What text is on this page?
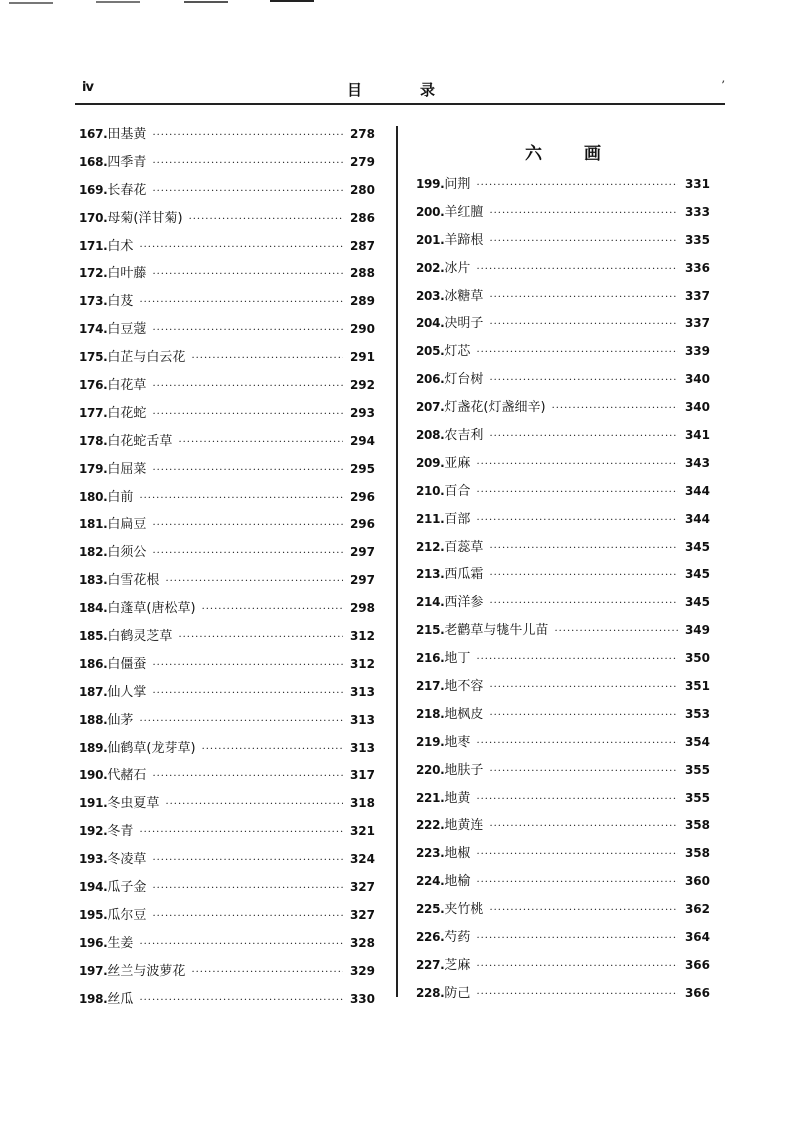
iv	目录	’
167. 田基黄 ·····	278
168. 四季青 ·····	279
169. 长春花 ·····	280
170. 母菊(洋甘菊) ·····	286
171. 白术 ·····	287
172. 白叶藤 ·····	288
173. 白芨 ·····	289
174. 白豆蔻 ·····	290
175. 白芷与白云花 ·····	291
176. 白花草 ·····	292
177. 白花蛇 ·····	293
178. 白花蛇舌草 ·····	294
179. 白屈菜 ·····	295
180. 白前 ·····	296
181. 白扁豆 ·····	296
182. 白须公 ·····	297
183. 白雪花根 ·····	297
184. 白蓬草(唐松草) ·····	298
185. 白鹤灵芝草 ·····	312
186. 白僵蚕 ·····	312
187. 仙人掌 ·····	313
188. 仙茅 ·····	313
189. 仙鹤草(龙芽草) ·····	313
190. 代赭石 ·····	317
191. 冬虫夏草 ·····	318
192. 冬青 ·····	321
193. 冬凌草 ·····	324
194. 瓜子金 ·····	327
195. 瓜尔豆 ·····	327
196. 生姜 ·····	328
197. 丝兰与波萝花 ·····	329
198. 丝瓜 ·····	330
六 画
199. 问荆 ·····	331
200. 羊红膻 ·····	333
201. 羊蹄根 ·····	335
202. 冰片 ·····	336
203. 冰糖草 ·····	337
204. 决明子 ·····	337
205. 灯芯 ·····	339
206. 灯台树 ·····	340
207. 灯盏花(灯盏细辛) ·····	340
208. 农吉利 ·····	341
209. 亚麻 ·····	343
210. 百合 ·····	344
211. 百部 ·····	344
212. 百蕊草 ·····	345
213. 西瓜霜 ·····	345
214. 西洋参 ·····	345
215. 老鹳草与牻牛儿苗 ·····	349
216. 地丁 ·····	350
217. 地不容 ·····	351
218. 地枫皮 ·····	353
219. 地枣 ·····	354
220. 地肤子 ·····	355
221. 地黄 ·····	355
222. 地黄连 ·····	358
223. 地椒 ·····	358
224. 地榆 ·····	360
225. 夹竹桃 ·····	362
226. 芍药 ·····	364
227. 芝麻 ·····	366
228. 防己 ·····	366
